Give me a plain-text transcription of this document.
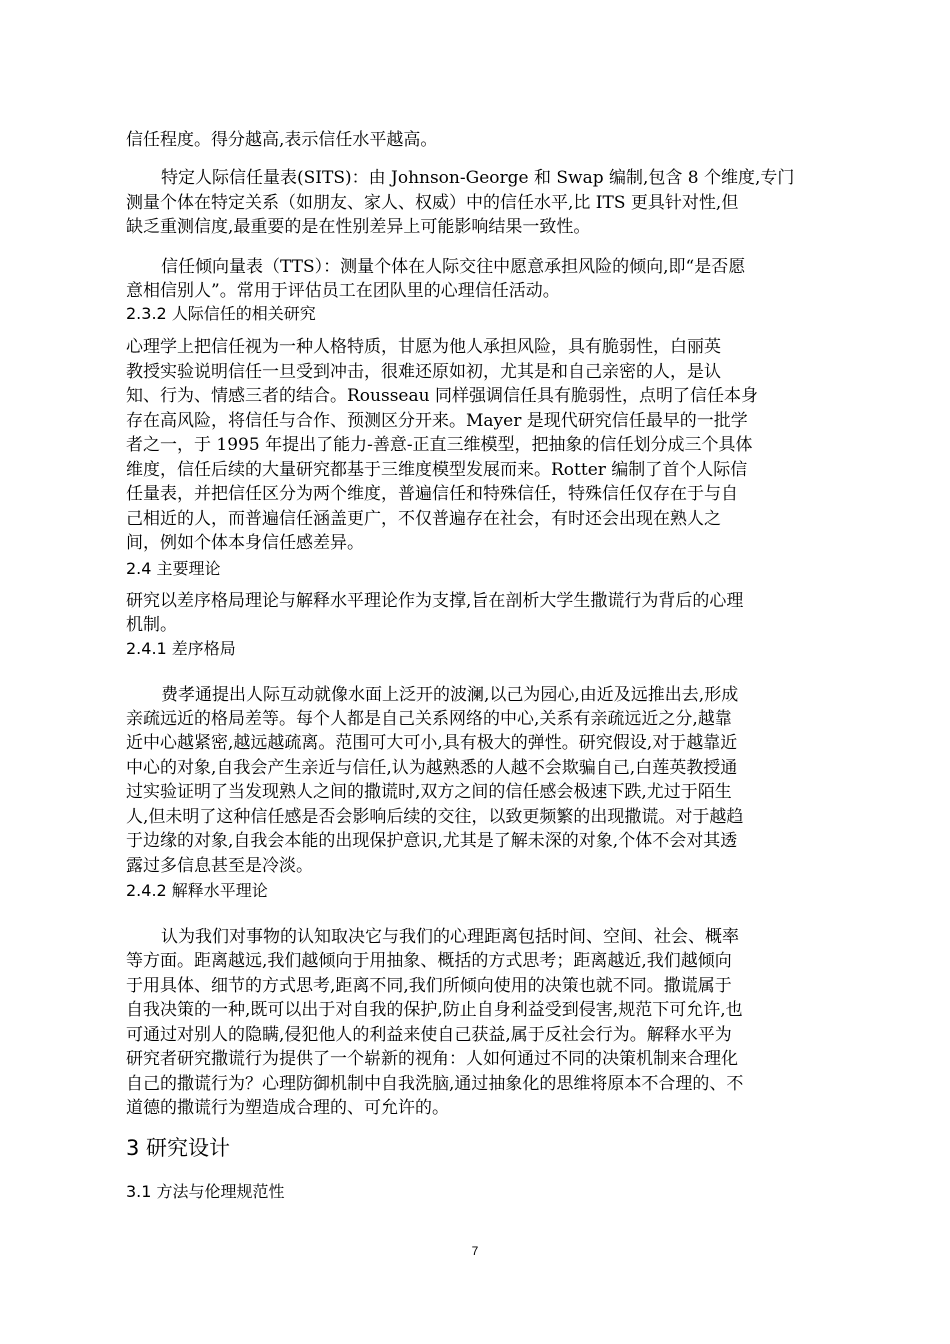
信任程度。得分越高,表示信任水平越高。
特定人际信任量表(SITS)：由 Johnson-George 和 Swap 编制,包含 8 个维度,专门
测量个体在特定关系（如朋友、家人、权威）中的信任水平,比 ITS 更具针对性,但
缺乏重测信度,最重要的是在性别差异上可能影响结果一致性。
信任倾向量表（TTS）：测量个体在人际交往中愿意承担风险的倾向,即“是否愿
意相信别人”。常用于评估员工在团队里的心理信任活动。
2.3.2 人际信任的相关研究
心理学上把信任视为一种人格特质，甘愿为他人承担风险，具有脆弱性，白丽英
教授实验说明信任一旦受到冲击，很难还原如初，尤其是和自己亲密的人，是认
知、行为、情感三者的结合。Rousseau 同样强调信任具有脆弱性，点明了信任本身
存在高风险，将信任与合作、预测区分开来。Mayer 是现代研究信任最早的一批学
者之一，于 1995 年提出了能力-善意-正直三维模型，把抽象的信任划分成三个具体
维度，信任后续的大量研究都基于三维度模型发展而来。Rotter 编制了首个人际信
任量表，并把信任区分为两个维度，普遍信任和特殊信任，特殊信任仅存在于与自
己相近的人，而普遍信任涵盖更广，不仅普遍存在社会，有时还会出现在熟人之
间，例如个体本身信任感差异。
2.4 主要理论
研究以差序格局理论与解释水平理论作为支撑,旨在剖析大学生撒谎行为背后的心理
机制。
2.4.1 差序格局
费孝通提出人际互动就像水面上泛开的波澜,以己为园心,由近及远推出去,形成
亲疏远近的格局差等。每个人都是自己关系网络的中心,关系有亲疏远近之分,越靠
近中心越紧密,越远越疏离。范围可大可小,具有极大的弹性。研究假设,对于越靠近
中心的对象,自我会产生亲近与信任,认为越熟悉的人越不会欺骗自己,白莲英教授通
过实验证明了当发现熟人之间的撒谎时,双方之间的信任感会极速下跌,尤过于陌生
人,但未明了这种信任感是否会影响后续的交往，以致更频繁的出现撒谎。对于越趋
于边缘的对象,自我会本能的出现保护意识,尤其是了解未深的对象,个体不会对其透
露过多信息甚至是冷淡。
2.4.2 解释水平理论
认为我们对事物的认知取决它与我们的心理距离包括时间、空间、社会、概率
等方面。距离越远,我们越倾向于用抽象、概括的方式思考；距离越近,我们越倾向
于用具体、细节的方式思考,距离不同,我们所倾向使用的决策也就不同。撒谎属于
自我决策的一种,既可以出于对自我的保护,防止自身利益受到侵害,规范下可允许,也
可通过对别人的隐瞒,侵犯他人的利益来使自己获益,属于反社会行为。解释水平为
研究者研究撒谎行为提供了一个崭新的视角：人如何通过不同的决策机制来合理化
自己的撒谎行为？心理防御机制中自我洗脑,通过抽象化的思维将原本不合理的、不
道德的撒谎行为塑造成合理的、可允许的。
3 研究设计
3.1 方法与伦理规范性
7
